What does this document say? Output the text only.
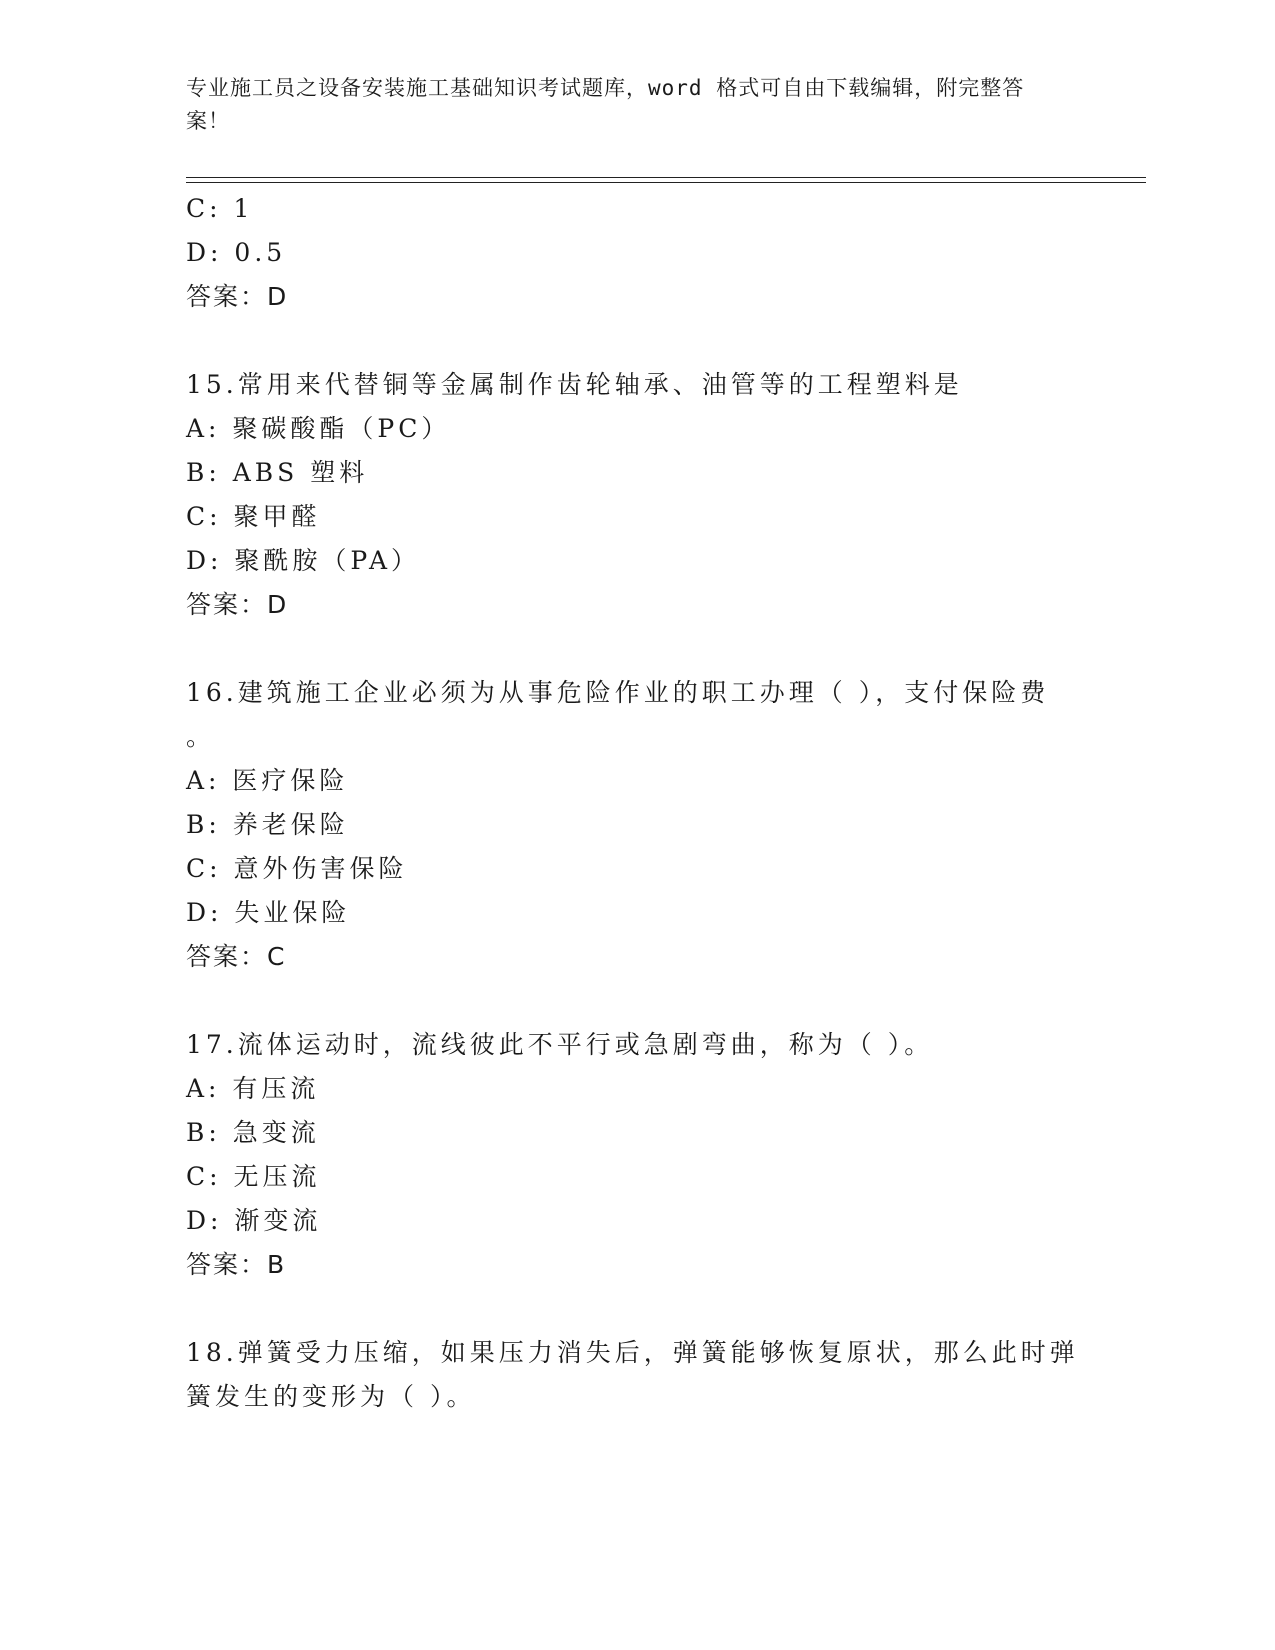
专业施工员之设备安装施工基础知识考试题库，word 格式可自由下载编辑，附完整答案！
C: 1
D: 0.5
答案：D
15.常用来代替铜等金属制作齿轮轴承、油管等的工程塑料是
A: 聚碳酸酯（PC）
B: ABS 塑料
C: 聚甲醛
D: 聚酰胺（PA）
答案：D
16.建筑施工企业必须为从事危险作业的职工办理（ ），支付保险费
。
A: 医疗保险
B: 养老保险
C: 意外伤害保险
D: 失业保险
答案：C
17.流体运动时，流线彼此不平行或急剧弯曲，称为（ ）。
A: 有压流
B: 急变流
C: 无压流
D: 渐变流
答案：B
18.弹簧受力压缩，如果压力消失后，弹簧能够恢复原状，那么此时弹
簧发生的变形为（ ）。
